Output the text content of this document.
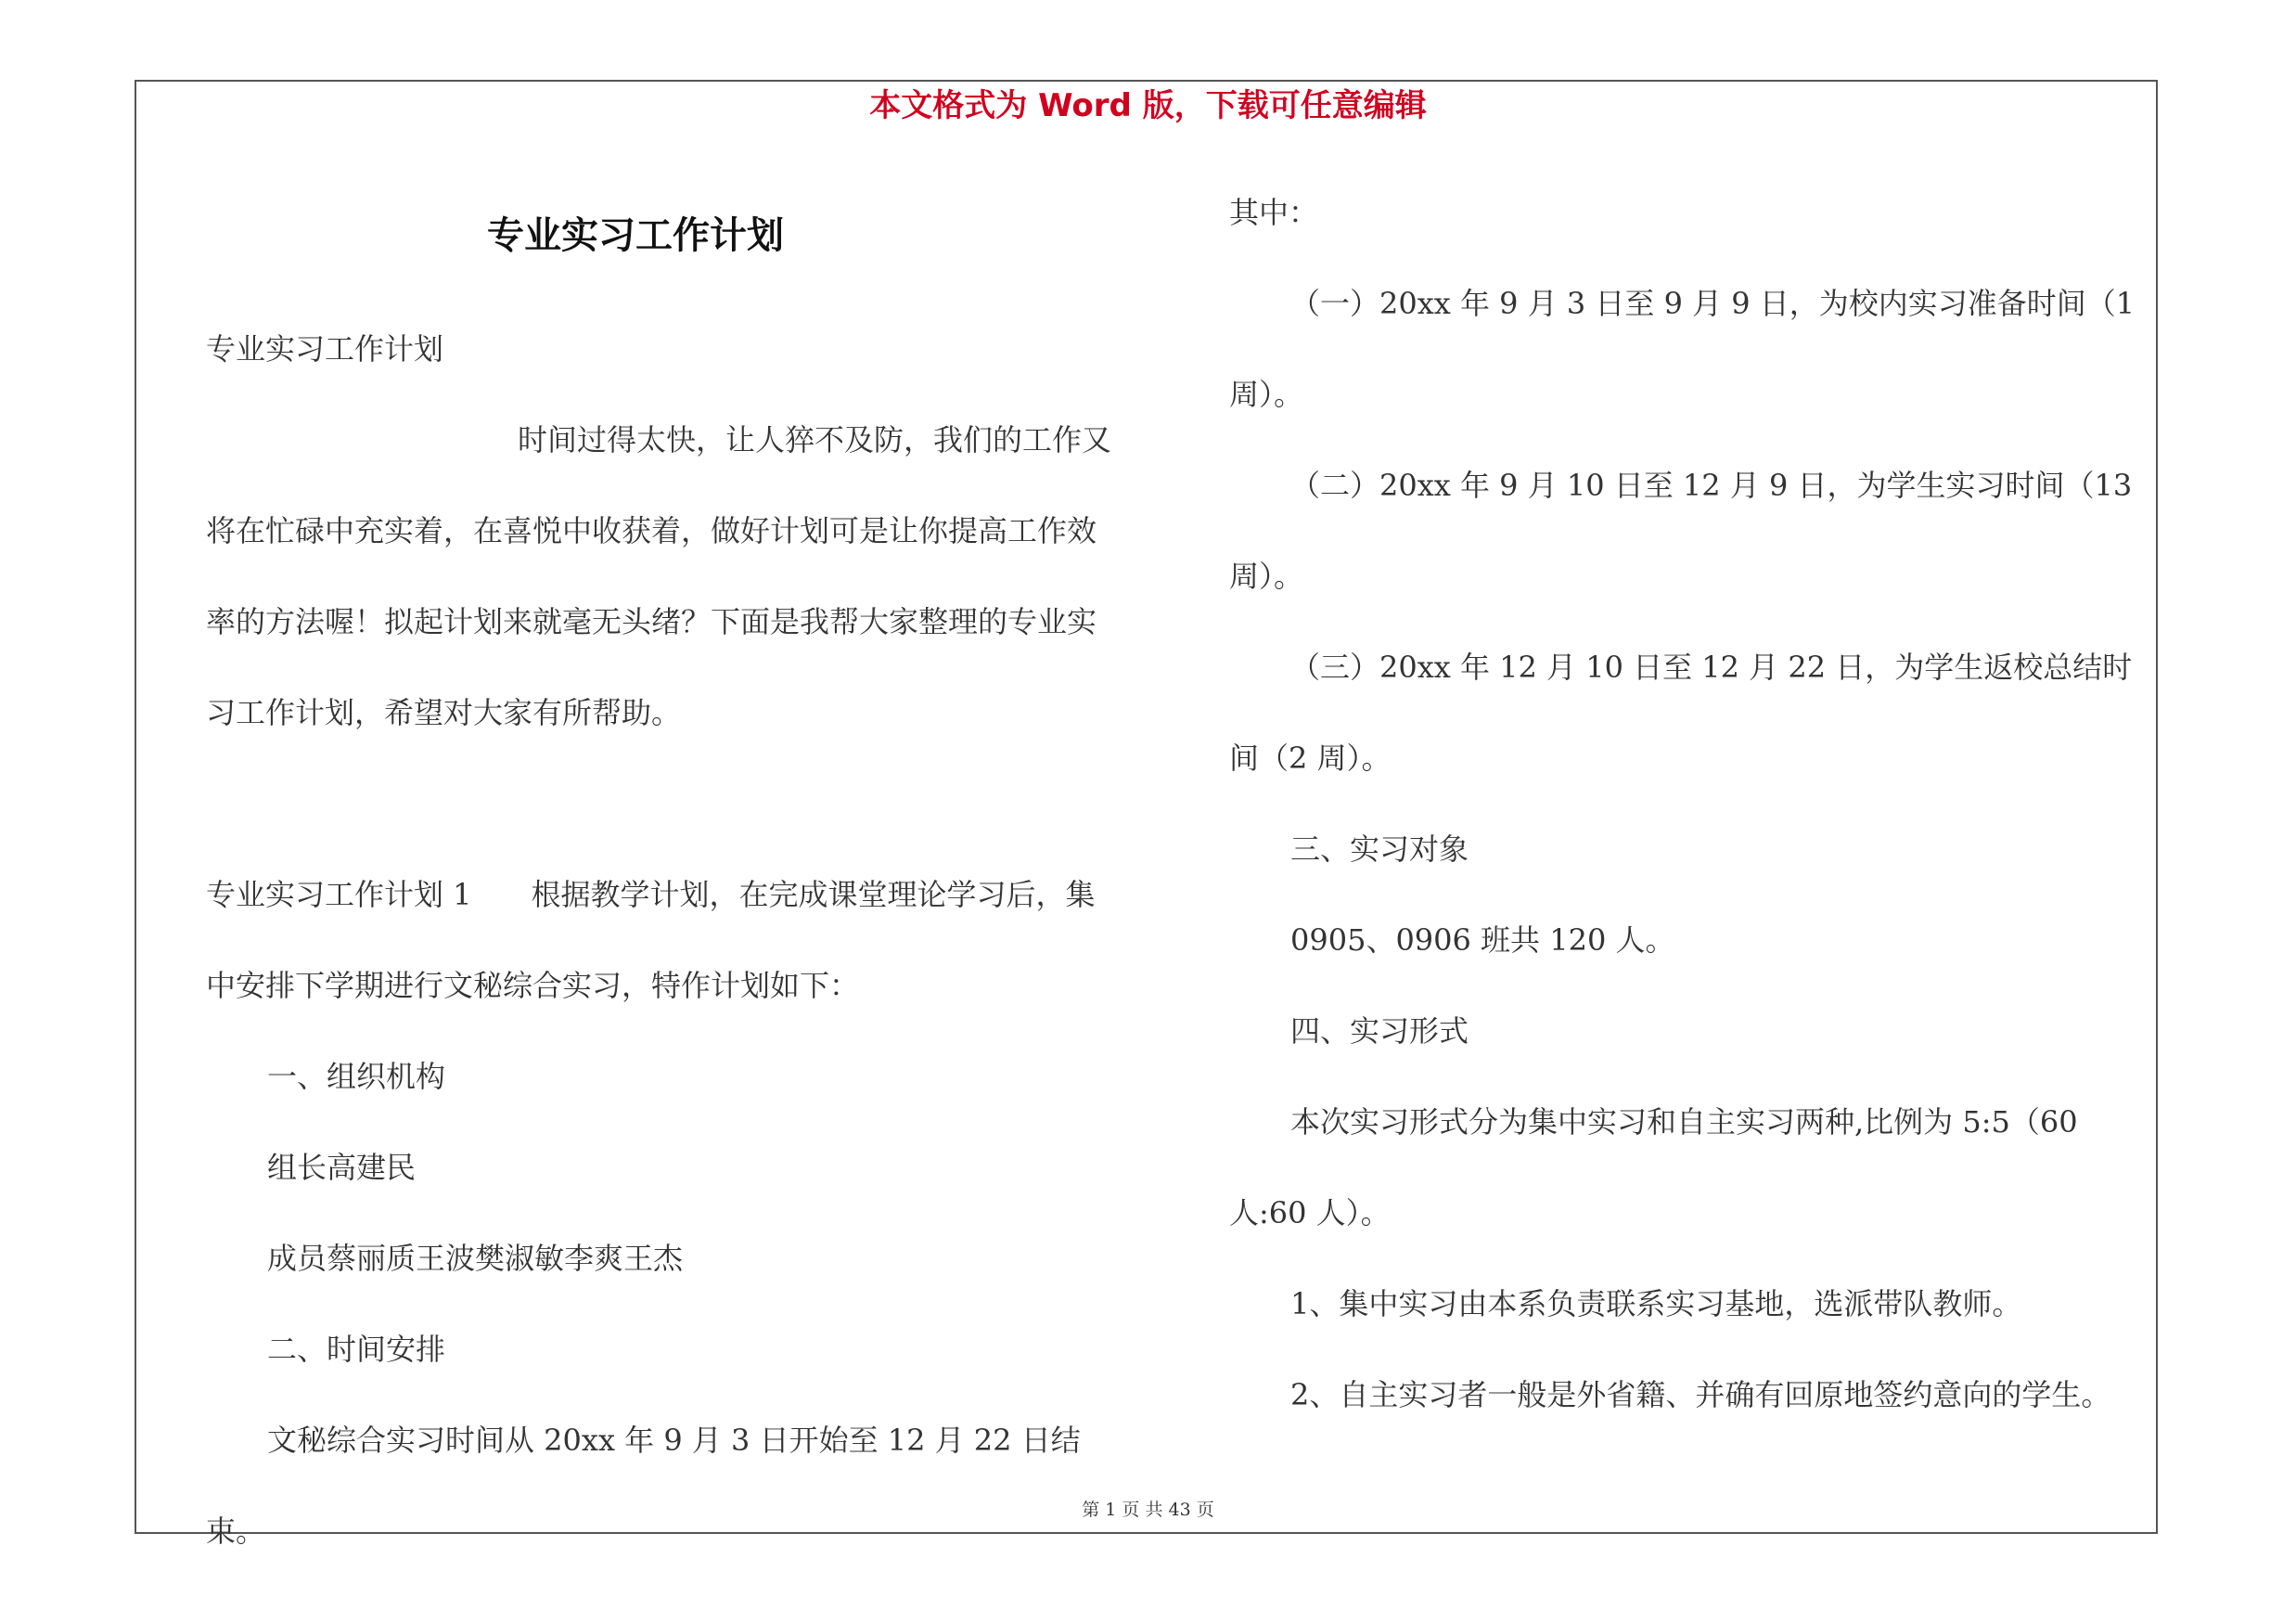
本文格式为 Word 版，下载可任意编辑
专业实习工作计划

专业实习工作计划

时间过得太快，让人猝不及防，我们的工作又将在忙碌中充实着，在喜悦中收获着，做好计划可是让你提高工作效率的方法喔！拟起计划来就毫无头绪？下面是我帮大家整理的专业实习工作计划，希望对大家有所帮助。

专业实习工作计划 1　　根据教学计划，在完成课堂理论学习后，集中安排下学期进行文秘综合实习，特作计划如下：

一、组织机构

组长高建民

成员蔡丽质王波樊淑敏李爽王杰

二、时间安排

文秘综合实习时间从 20xx 年 9 月 3 日开始至 12 月 22 日结束。

其中：

（一）20xx 年 9 月 3 日至 9 月 9 日，为校内实习准备时间（1 周）。

（二）20xx 年 9 月 10 日至 12 月 9 日，为学生实习时间（13 周）。

（三）20xx 年 12 月 10 日至 12 月 22 日，为学生返校总结时间（2 周）。

三、实习对象

0905、0906 班共 120 人。

四、实习形式

本次实习形式分为集中实习和自主实习两种,比例为 5:5（60 人:60 人）。

1、集中实习由本系负责联系实习基地，选派带队教师。

2、自主实习者一般是外省籍、并确有回原地签约意向的学生。

第 1 页 共 43 页
